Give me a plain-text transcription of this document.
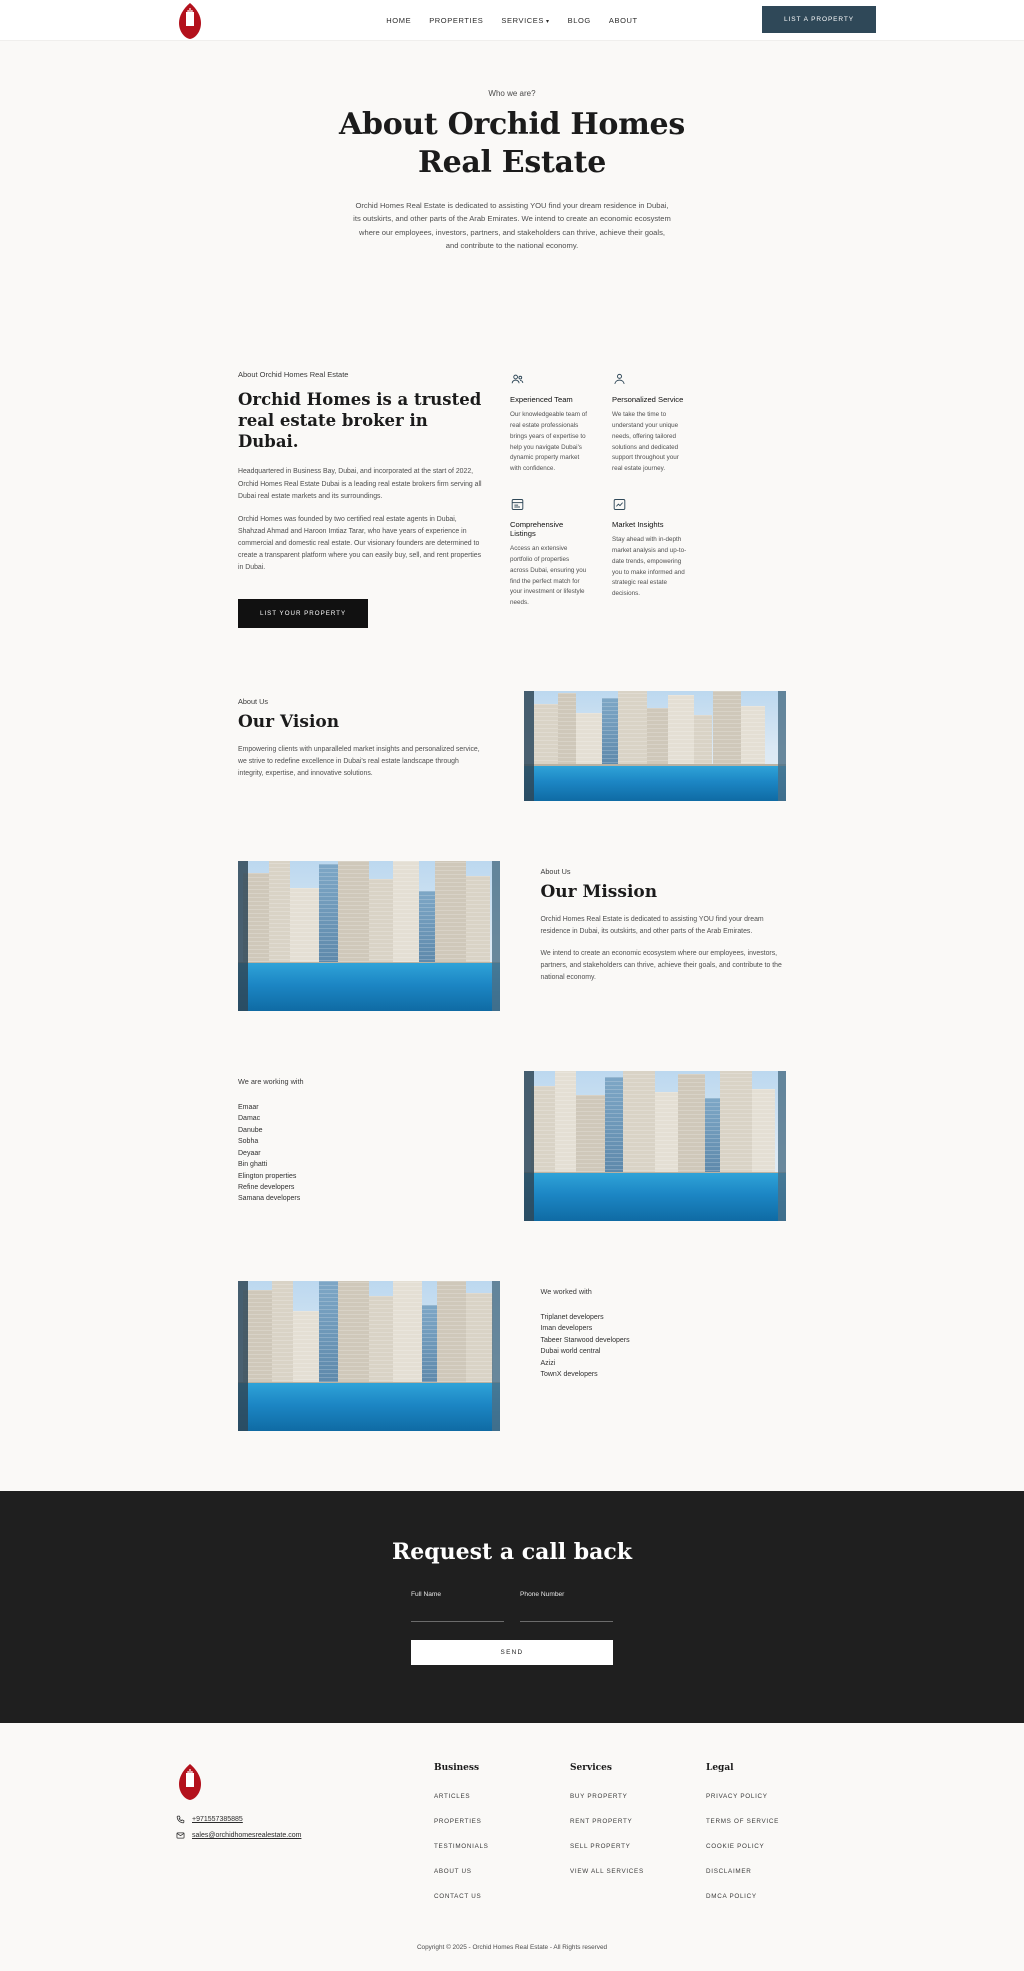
HOME PROPERTIES SERVICES ▾ BLOG ABOUT	LIST A PROPERTY
Who we are?
About Orchid Homes
Real Estate

Orchid Homes Real Estate is dedicated to assisting YOU find your dream residence in Dubai, its outskirts, and other parts of the Arab Emirates. We intend to create an economic ecosystem where our employees, investors, partners, and stakeholders can thrive, achieve their goals, and contribute to the national economy.

About Orchid Homes Real Estate
Orchid Homes is a trusted real estate broker in Dubai.

Headquartered in Business Bay, Dubai, and incorporated at the start of 2022, Orchid Homes Real Estate Dubai is a leading real estate brokers firm serving all Dubai real estate markets and its surroundings.

Orchid Homes was founded by two certified real estate agents in Dubai, Shahzad Ahmad and Haroon Imtiaz Tarar, who have years of experience in commercial and domestic real estate. Our visionary founders are determined to create a transparent platform where you can easily buy, sell, and rent properties in Dubai.

LIST YOUR PROPERTY
Experienced Team

Our knowledgeable team of real estate professionals brings years of expertise to help you navigate Dubai's dynamic property market with confidence.

Personalized Service

We take the time to understand your unique needs, offering tailored solutions and dedicated support throughout your real estate journey.

Comprehensive Listings

Access an extensive portfolio of properties across Dubai, ensuring you find the perfect match for your investment or lifestyle needs.

Market Insights

Stay ahead with in-depth market analysis and up-to-date trends, empowering you to make informed and strategic real estate decisions.

About Us
Our Vision

Empowering clients with unparalleled market insights and personalized service, we strive to redefine excellence in Dubai's real estate landscape through integrity, expertise, and innovative solutions.

About Us
Our Mission

Orchid Homes Real Estate is dedicated to assisting YOU find your dream residence in Dubai, its outskirts, and other parts of the Arab Emirates.

We intend to create an economic ecosystem where our employees, investors, partners, and stakeholders can thrive, achieve their goals, and contribute to the national economy.

We are working with
Emaar
Damac
Danube
Sobha
Deyaar
Bin ghatti
Elington properties
Refine developers
Samana developers
We worked with
Triplanet developers
Iman developers
Tabeer Starwood developers
Dubai world central
Azizi
TownX developers
Request a call back
Full Name	Phone Number
SEND
+971557385885
sales@orchidhomesrealestate.com
Business
ARTICLES
PROPERTIES
TESTIMONIALS
ABOUT US
CONTACT US
Services
BUY PROPERTY
RENT PROPERTY
SELL PROPERTY
VIEW ALL SERVICES
Legal
PRIVACY POLICY
TERMS OF SERVICE
COOKIE POLICY
DISCLAIMER
DMCA POLICY
Copyright © 2025 - Orchid Homes Real Estate - All Rights reserved
